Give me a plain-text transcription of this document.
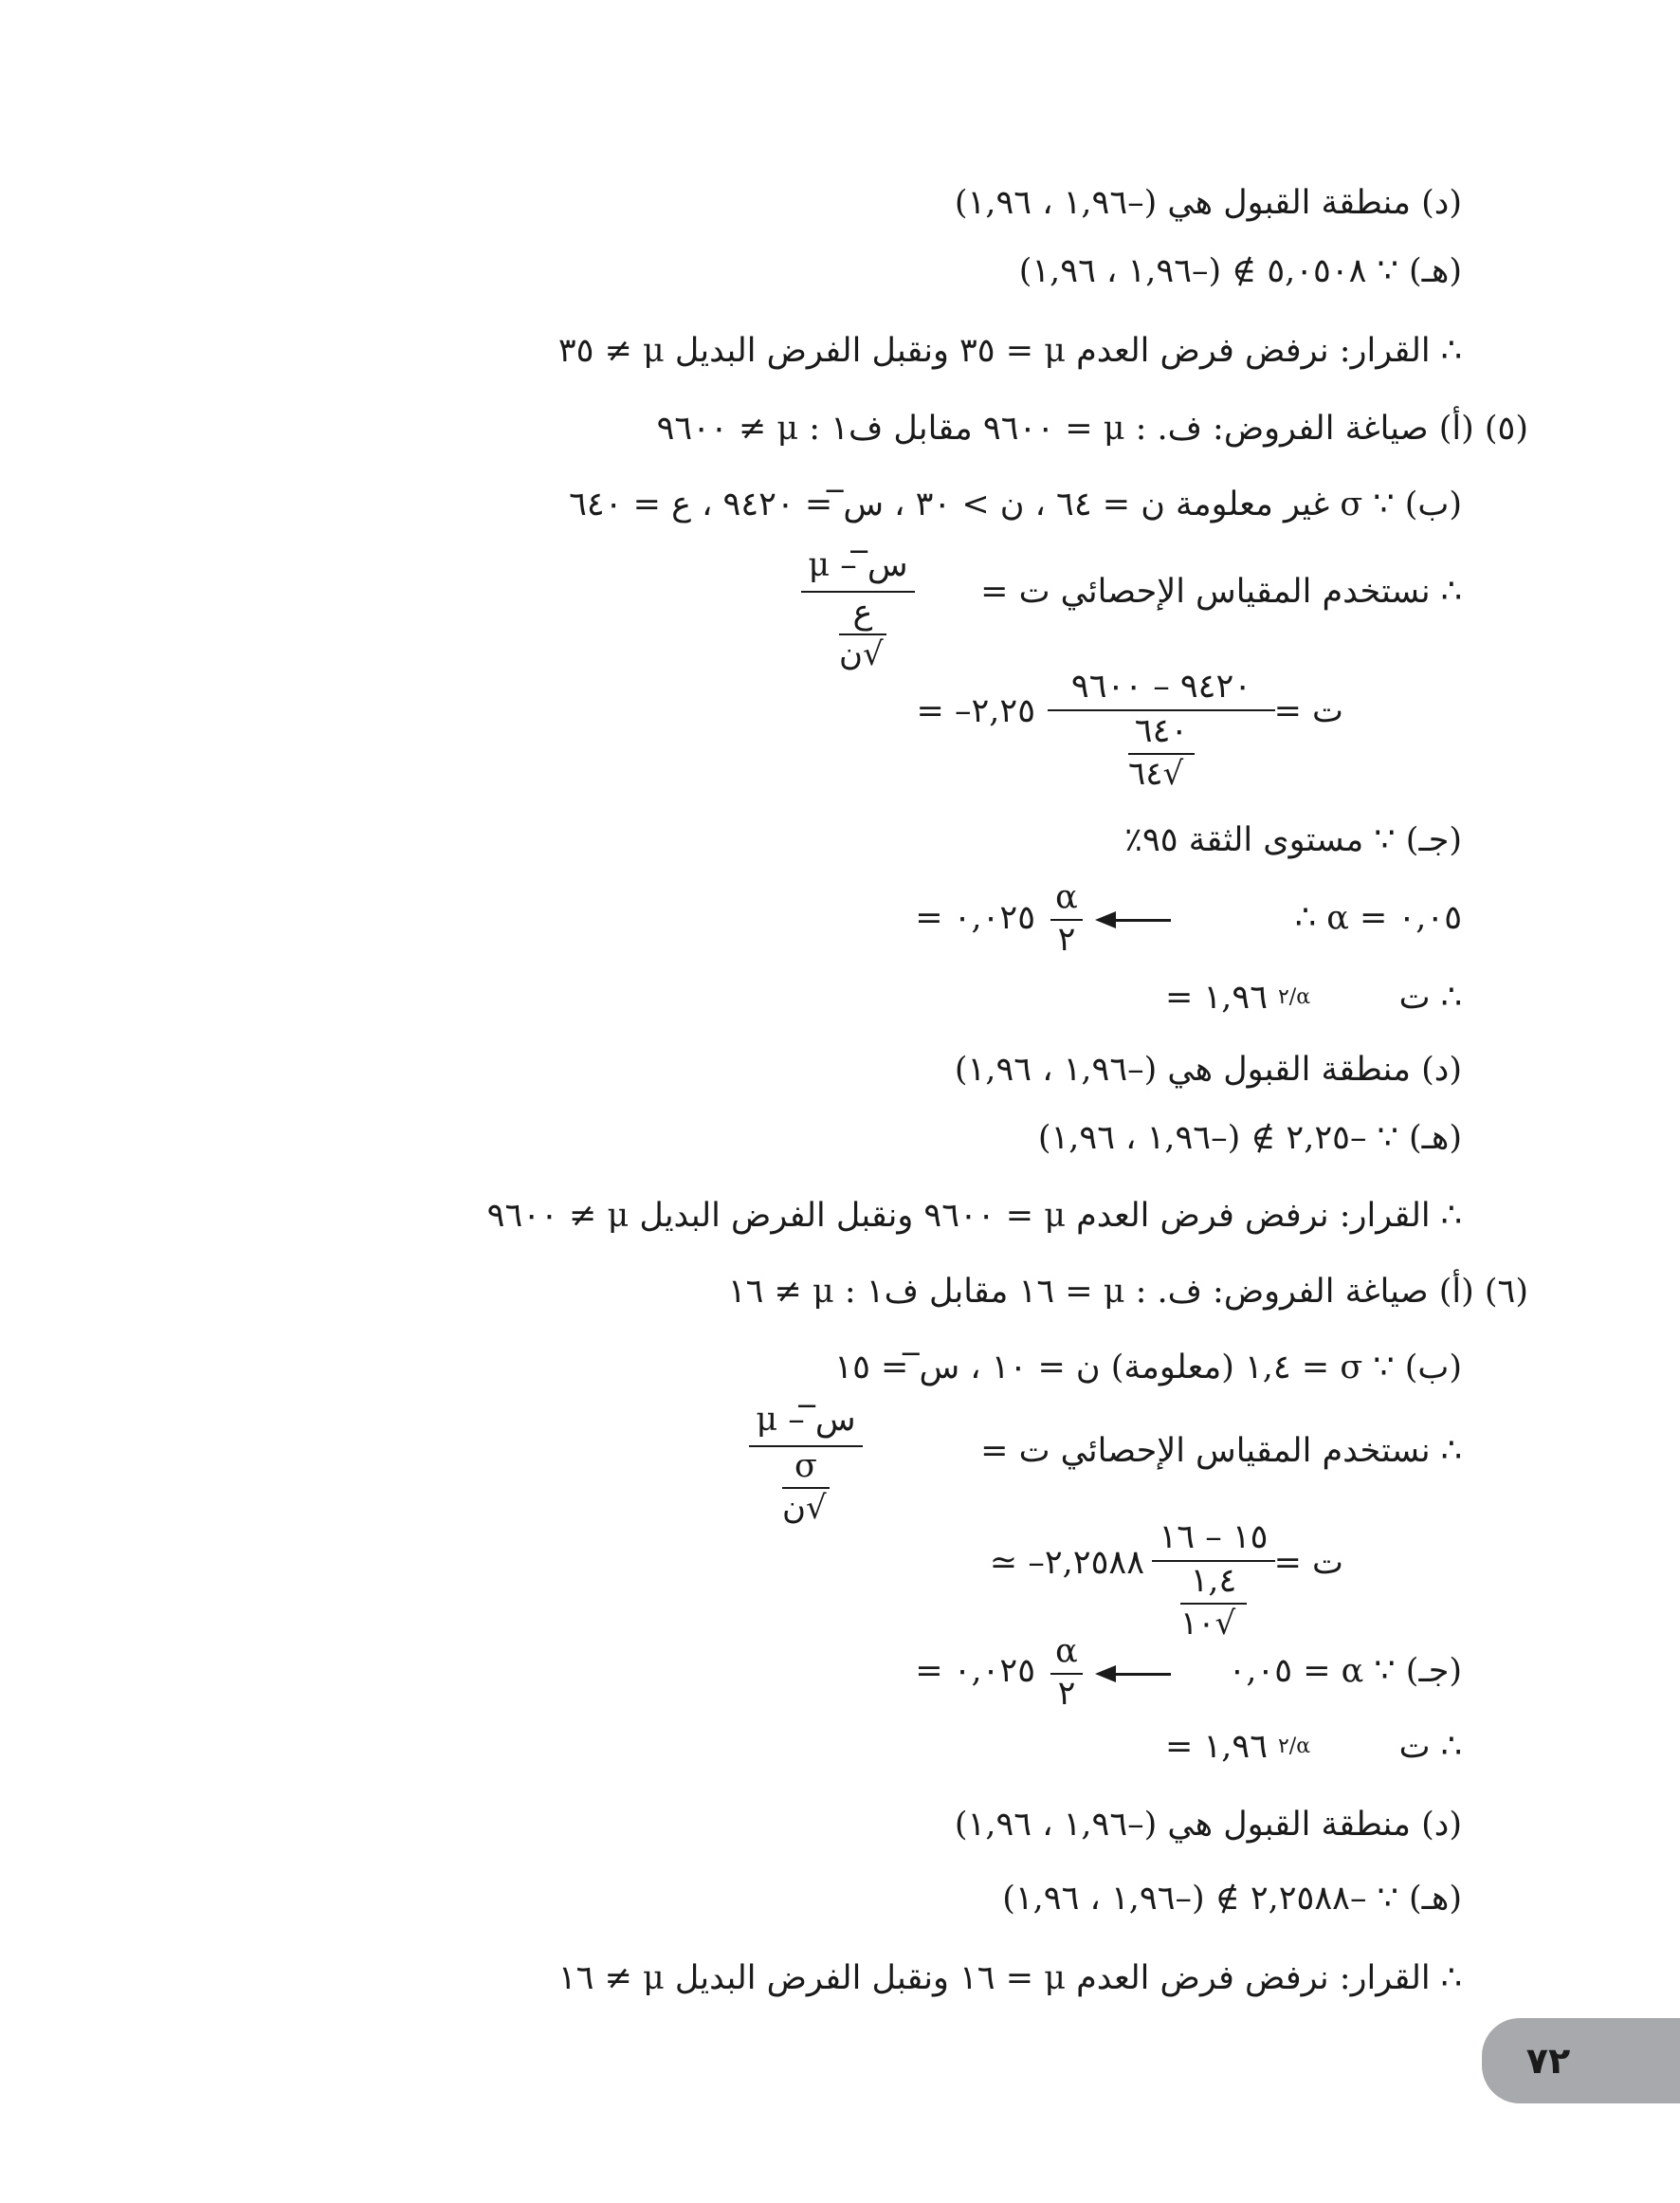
(د) منطقة القبول هي (–١,٩٦ ، ١,٩٦)
(هـ) ∵ ٥,٠٥٠٨ ∌ (–١,٩٦ ، ١,٩٦)
∴ القرار: نرفض فرض العدم μ = ٣٥ ونقبل الفرض البديل μ ≠ ٣٥
(٥) (أ) صياغة الفروض: ف. : μ = ٩٦٠٠ مقابل ف١ : μ ≠ ٩٦٠٠
(ب) ∵ σ غير معلومة ن = ٦٤ ، ن > ٣٠ ، س̅ = ٩٤٢٠ ، ع = ٦٤٠
∴ نستخدم المقياس الإحصائي ت =
س̅ – μ
ع
√ن
ت =
٩٤٢٠ – ٩٦٠٠
٦٤٠
√٦٤
= –٢,٢٥
(جـ) ∵ مستوى الثقة ٩٥٪
∴ α = ٠,٠٥
α
٢
= ٠,٠٢٥
∴ ت
α/٢
= ١,٩٦
(د) منطقة القبول هي (–١,٩٦ ، ١,٩٦)
(هـ) ∵ –٢,٢٥ ∌ (–١,٩٦ ، ١,٩٦)
∴ القرار: نرفض فرض العدم μ = ٩٦٠٠ ونقبل الفرض البديل μ ≠ ٩٦٠٠
(٦) (أ) صياغة الفروض: ف. : μ = ١٦ مقابل ف١ : μ ≠ ١٦
(ب) ∵ σ = ١,٤ (معلومة) ن = ١٠ ، س̅ = ١٥
∴ نستخدم المقياس الإحصائي ت =
س̅ – μ
σ
√ن
ت =
١٥ – ١٦
١,٤
√١٠
≃ –٢,٢٥٨٨
(جـ) ∵ α = ٠,٠٥
α
٢
= ٠,٠٢٥
∴ ت
α/٢
= ١,٩٦
(د) منطقة القبول هي (–١,٩٦ ، ١,٩٦)
(هـ) ∵ –٢,٢٥٨٨ ∌ (–١,٩٦ ، ١,٩٦)
∴ القرار: نرفض فرض العدم μ = ١٦ ونقبل الفرض البديل μ ≠ ١٦
٧٢
